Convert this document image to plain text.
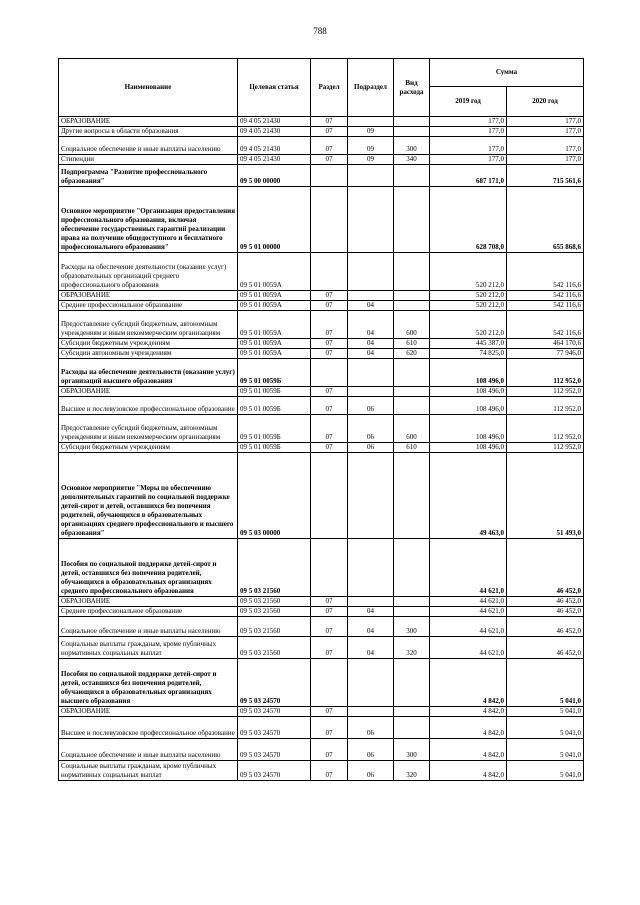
788
Наименование	Целевая статья	Раздел	Подраздел	Вид расхода	Сумма	
					2019 год	2020 год
ОБРАЗОВАНИЕ	09 4 05 21430	07			177,0	177,0
Другие вопросы в области образования	09 4 05 21430	07	09		177,0	177,0
Социальное обеспечение и иные выплаты населению	09 4 05 21430	07	09	300	177,0	177,0
Стипендии	09 4 05 21430	07	09	340	177,0	177,0
Подпрограмма "Развитие профессионального образования"	09 5 00 00000				687 171,0	715 561,6
Основное мероприятие "Организация предоставления профессионального образования, включая обеспечение государственных гарантий реализации права на получение общедоступного и бесплатного профессионального образования"	09 5 01 00000				628 708,0	655 868,6
Расходы на обеспечение деятельности (оказание услуг) образовательных организаций среднего профессионального образования	09 5 01 0059А				520 212,0	542 116,6
ОБРАЗОВАНИЕ	09 5 01 0059А	07			520 212,0	542 116,6
Среднее профессиональное образование	09 5 01 0059А	07	04		520 212,0	542 116,6
Предоставление субсидий бюджетным, автономным учреждениям и иным некоммерческим организациям	09 5 01 0059А	07	04	600	520 212,0	542 116,6
Субсидии бюджетным учреждениям	09 5 01 0059А	07	04	610	445 387,0	464 170,6
Субсидии автономным учреждениям	09 5 01 0059А	07	04	620	74 825,0	77 946,0
Расходы на обеспечение деятельности (оказание услуг) организаций высшего образования	09 5 01 0059Б				108 496,0	112 952,0
ОБРАЗОВАНИЕ	09 5 01 0059Б	07			108 496,0	112 952,0
Высшее и послевузовское профессиональное образование	09 5 01 0059Б	07	06		108 496,0	112 952,0
Предоставление субсидий бюджетным, автономным учреждениям и иным некоммерческим организациям	09 5 01 0059Б	07	06	600	108 496,0	112 952,0
Субсидии бюджетным учреждениям	09 5 01 0059Б	07	06	610	108 496,0	112 952,0
Основное мероприятие "Меры по обеспечению дополнительных гарантий по социальной поддержке детей-сирот и детей, оставшихся без попечения родителей, обучающихся в образовательных организациях среднего профессионального и высшего образования"	09 5 03 00000				49 463,0	51 493,0
Пособия по социальной поддержке детей-сирот и детей, оставшихся без попечения родителей, обучающихся в образовательных организациях среднего профессионального образования	09 5 03 21560				44 621,0	46 452,0
ОБРАЗОВАНИЕ	09 5 03 21560	07			44 621,0	46 452,0
Среднее профессиональное образование	09 5 03 21560	07	04		44 621,0	46 452,0
Социальное обеспечение и иные выплаты населению	09 5 03 21560	07	04	300	44 621,0	46 452,0
Социальные выплаты гражданам, кроме публичных нормативных социальных выплат	09 5 03 21560	07	04	320	44 621,0	46 452,0
Пособия по социальной поддержке детей-сирот и детей, оставшихся без попечения родителей, обучающихся в образовательных организациях высшего образования	09 5 03 24570				4 842,0	5 041,0
ОБРАЗОВАНИЕ	09 5 03 24570	07			4 842,0	5 041,0
Высшее и послевузовское профессиональное образование	09 5 03 24570	07	06		4 842,0	5 041,0
Социальное обеспечение и иные выплаты населению	09 5 03 24570	07	06	300	4 842,0	5 041,0
Социальные выплаты гражданам, кроме публичных нормативных социальных выплат	09 5 03 24570	07	06	320	4 842,0	5 041,0
